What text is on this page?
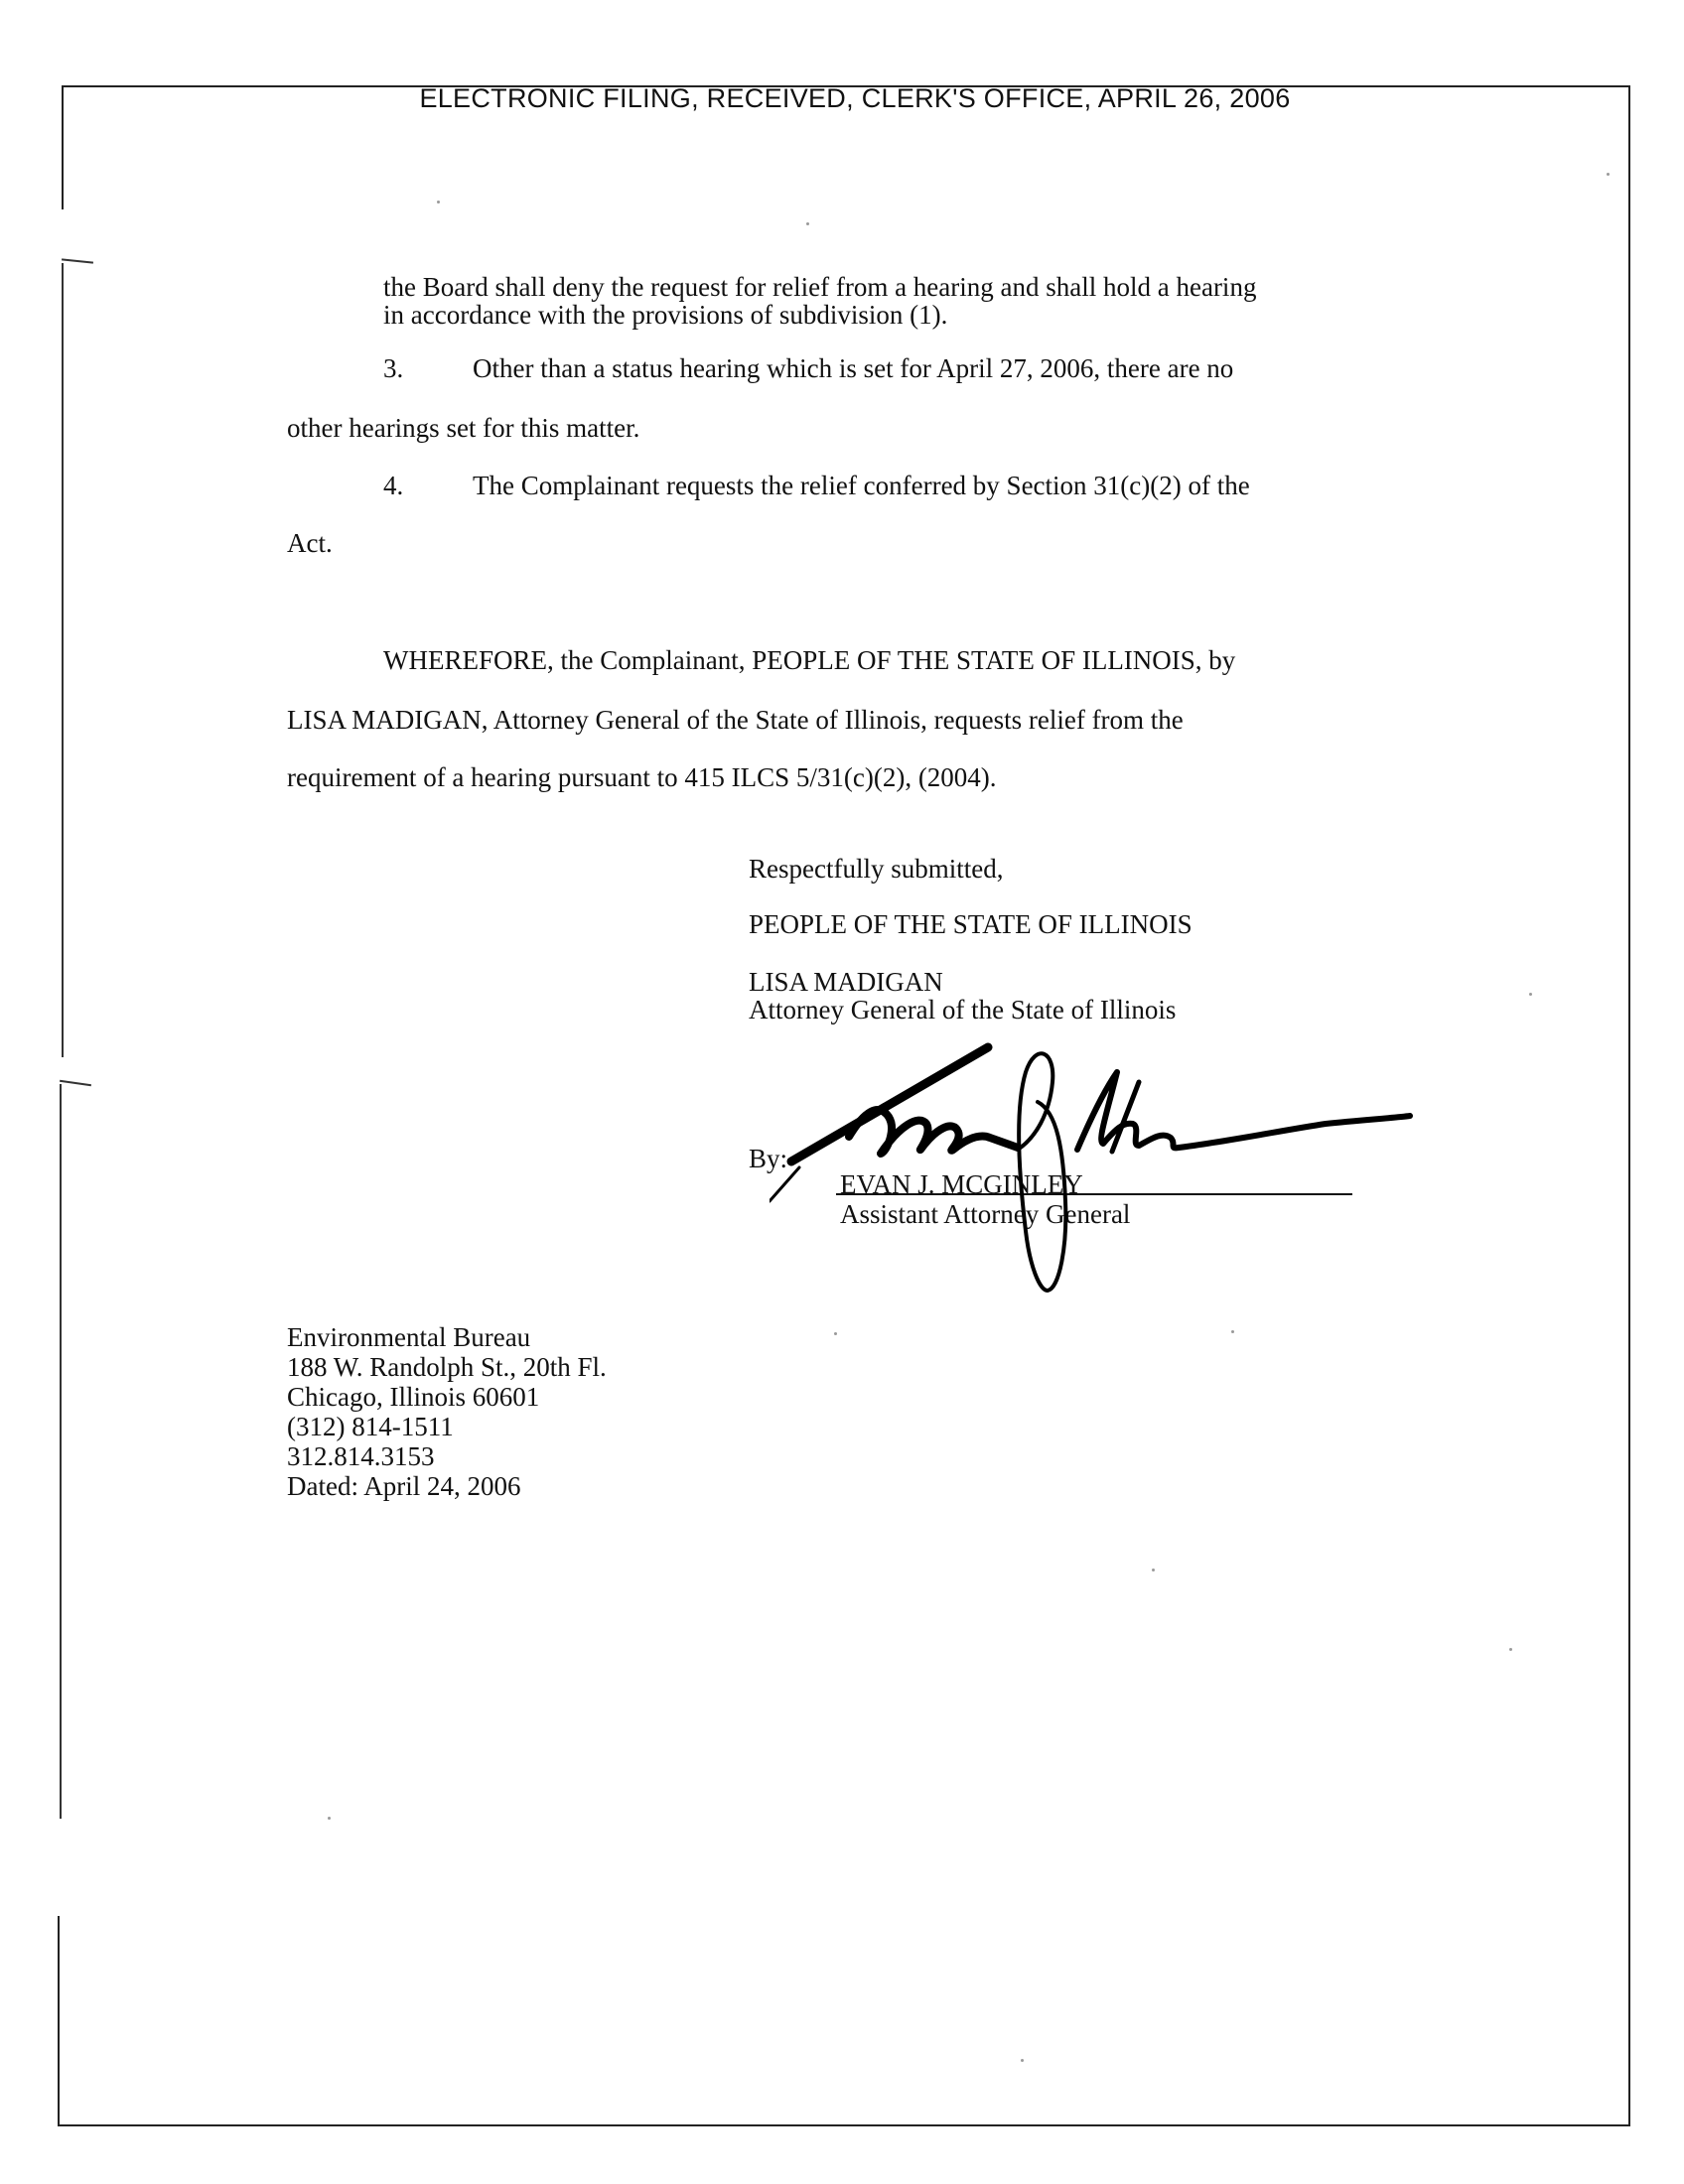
ELECTRONIC FILING, RECEIVED, CLERK'S OFFICE, APRIL 26, 2006
the Board shall deny the request for relief from a hearing and shall hold a hearing
in accordance with the provisions of subdivision (1).
3.	Other than a status hearing which is set for April 27, 2006, there are no
other hearings set for this matter.
4.	The Complainant requests the relief conferred by Section 31(c)(2) of the
Act.
WHEREFORE, the Complainant, PEOPLE OF THE STATE OF ILLINOIS, by
LISA MADIGAN, Attorney General of the State of Illinois, requests relief from the
requirement of a hearing pursuant to 415 ILCS 5/31(c)(2), (2004).
Respectfully submitted,
PEOPLE OF THE STATE OF ILLINOIS
LISA MADIGAN
Attorney General of the State of Illinois
By:
EVAN J. MCGINLEY
Assistant Attorney General
Environmental Bureau
188 W. Randolph St., 20th Fl.
Chicago, Illinois 60601
(312) 814-1511
312.814.3153
Dated: April 24, 2006
